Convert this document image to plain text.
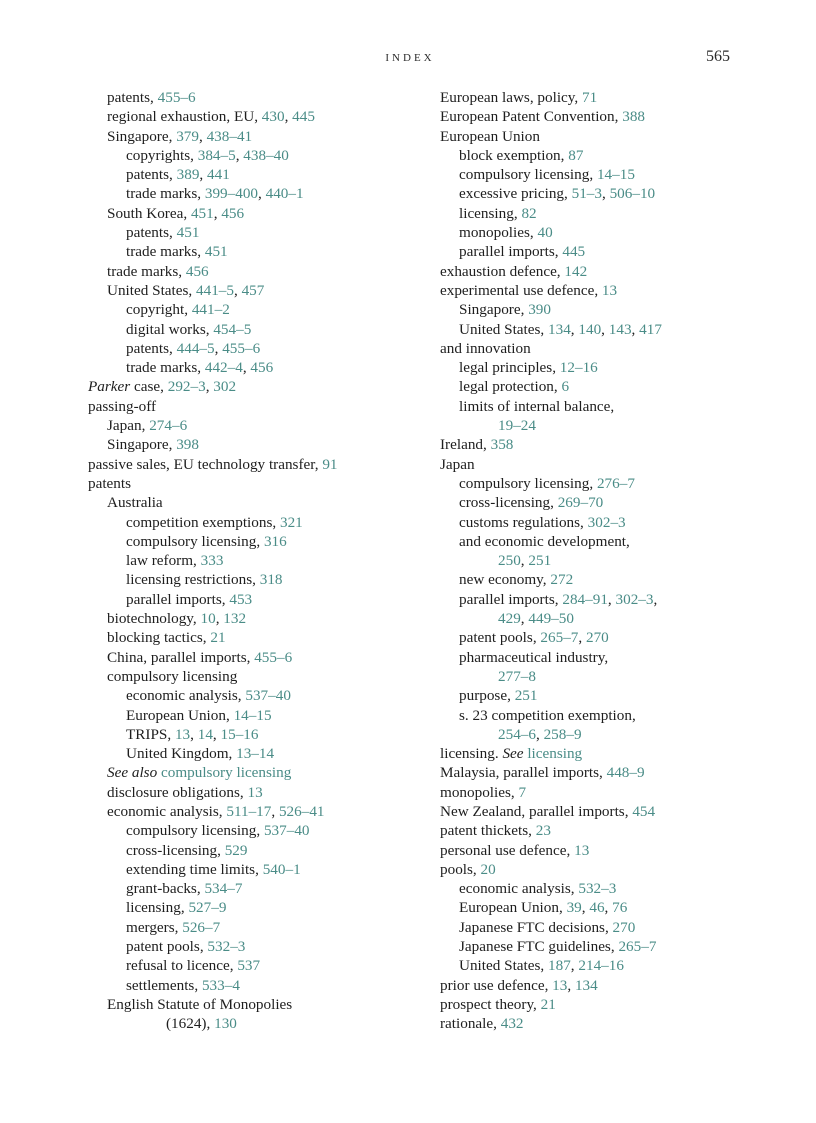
INDEX	565
patents, 455–6
regional exhaustion, EU, 430, 445
Singapore, 379, 438–41
copyrights, 384–5, 438–40
patents, 389, 441
trade marks, 399–400, 440–1
South Korea, 451, 456
patents, 451
trade marks, 451
trade marks, 456
United States, 441–5, 457
copyright, 441–2
digital works, 454–5
patents, 444–5, 455–6
trade marks, 442–4, 456
Parker case, 292–3, 302
passing-off
Japan, 274–6
Singapore, 398
passive sales, EU technology transfer, 91
patents
Australia
competition exemptions, 321
compulsory licensing, 316
law reform, 333
licensing restrictions, 318
parallel imports, 453
biotechnology, 10, 132
blocking tactics, 21
China, parallel imports, 455–6
compulsory licensing
economic analysis, 537–40
European Union, 14–15
TRIPS, 13, 14, 15–16
United Kingdom, 13–14
See also compulsory licensing
disclosure obligations, 13
economic analysis, 511–17, 526–41
compulsory licensing, 537–40
cross-licensing, 529
extending time limits, 540–1
grant-backs, 534–7
licensing, 527–9
mergers, 526–7
patent pools, 532–3
refusal to licence, 537
settlements, 533–4
English Statute of Monopolies
(1624), 130
European laws, policy, 71
European Patent Convention, 388
European Union
block exemption, 87
compulsory licensing, 14–15
excessive pricing, 51–3, 506–10
licensing, 82
monopolies, 40
parallel imports, 445
exhaustion defence, 142
experimental use defence, 13
Singapore, 390
United States, 134, 140, 143, 417
and innovation
legal principles, 12–16
legal protection, 6
limits of internal balance,
19–24
Ireland, 358
Japan
compulsory licensing, 276–7
cross-licensing, 269–70
customs regulations, 302–3
and economic development,
250, 251
new economy, 272
parallel imports, 284–91, 302–3,
429, 449–50
patent pools, 265–7, 270
pharmaceutical industry,
277–8
purpose, 251
s. 23 competition exemption,
254–6, 258–9
licensing. See licensing
Malaysia, parallel imports, 448–9
monopolies, 7
New Zealand, parallel imports, 454
patent thickets, 23
personal use defence, 13
pools, 20
economic analysis, 532–3
European Union, 39, 46, 76
Japanese FTC decisions, 270
Japanese FTC guidelines, 265–7
United States, 187, 214–16
prior use defence, 13, 134
prospect theory, 21
rationale, 432
